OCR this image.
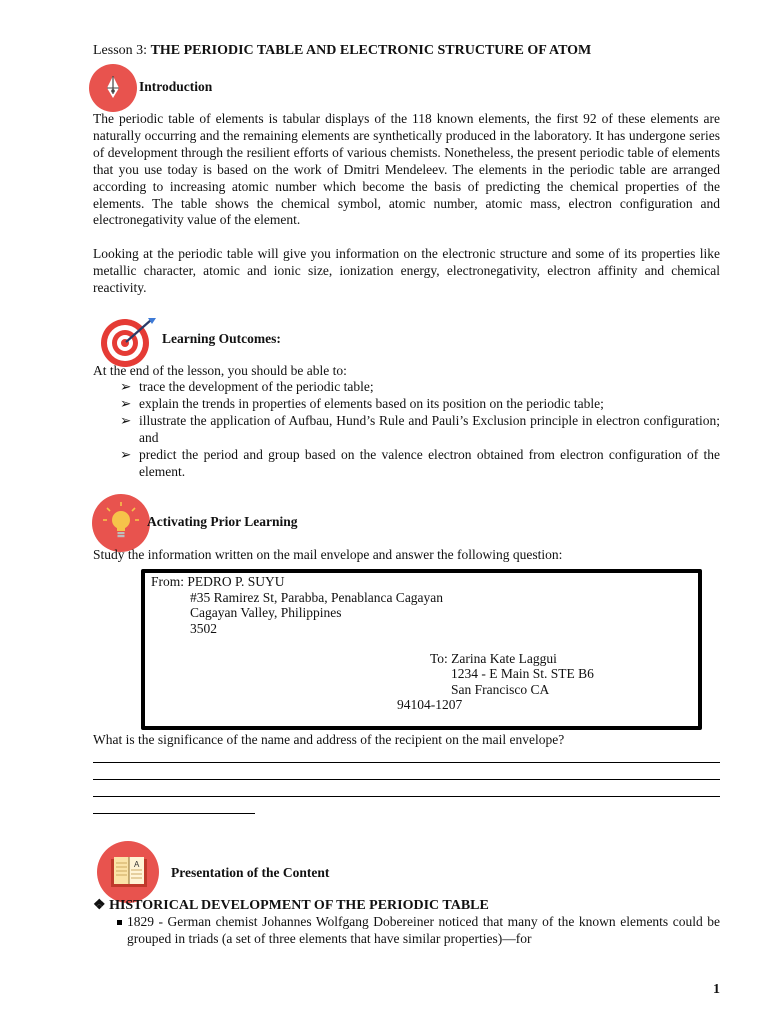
Lesson 3: THE PERIODIC TABLE AND ELECTRONIC STRUCTURE OF ATOM
Introduction

The periodic table of elements is tabular displays of the 118 known elements, the first 92 of these elements are naturally occurring and the remaining elements are synthetically produced in the laboratory. It has undergone series of development through the resilient efforts of various chemists. Nonetheless, the present periodic table of elements that you use today is based on the work of Dmitri Mendeleev. The elements in the periodic table are arranged according to increasing atomic number which become the basis of predicting the chemical properties of the elements. The table shows the chemical symbol, atomic number, atomic mass, electron configuration and electronegativity value of the element.

Looking at the periodic table will give you information on the electronic structure and some of its properties like metallic character, atomic and ionic size, ionization energy, electronegativity, electron affinity and chemical reactivity.

Learning Outcomes:
At the end of the lesson, you should be able to:
➢ trace the development of the periodic table;
➢ explain the trends in properties of elements based on its position on the periodic table;
➢ illustrate the application of Aufbau, Hund’s Rule and Pauli’s Exclusion principle in electron configuration; and
➢ predict the period and group based on the valence electron obtained from electron configuration of the element.
Activating Prior Learning
Study the information written on the mail envelope and answer the following question:
From: PEDRO P. SUYU
#35 Ramirez St, Parabba, Penablanca Cagayan
Cagayan Valley, Philippines
3502
To: Zarina Kate Laggui
1234 - E Main St. STE B6
San Francisco CA
94104-1207
What is the significance of the name and address of the recipient on the mail envelope?
A
Presentation of the Content
❖ HISTORICAL DEVELOPMENT OF THE PERIODIC TABLE
1829 - German chemist Johannes Wolfgang Dobereiner noticed that many of the known elements could be grouped in triads (a set of three elements that have similar properties)—for
1
